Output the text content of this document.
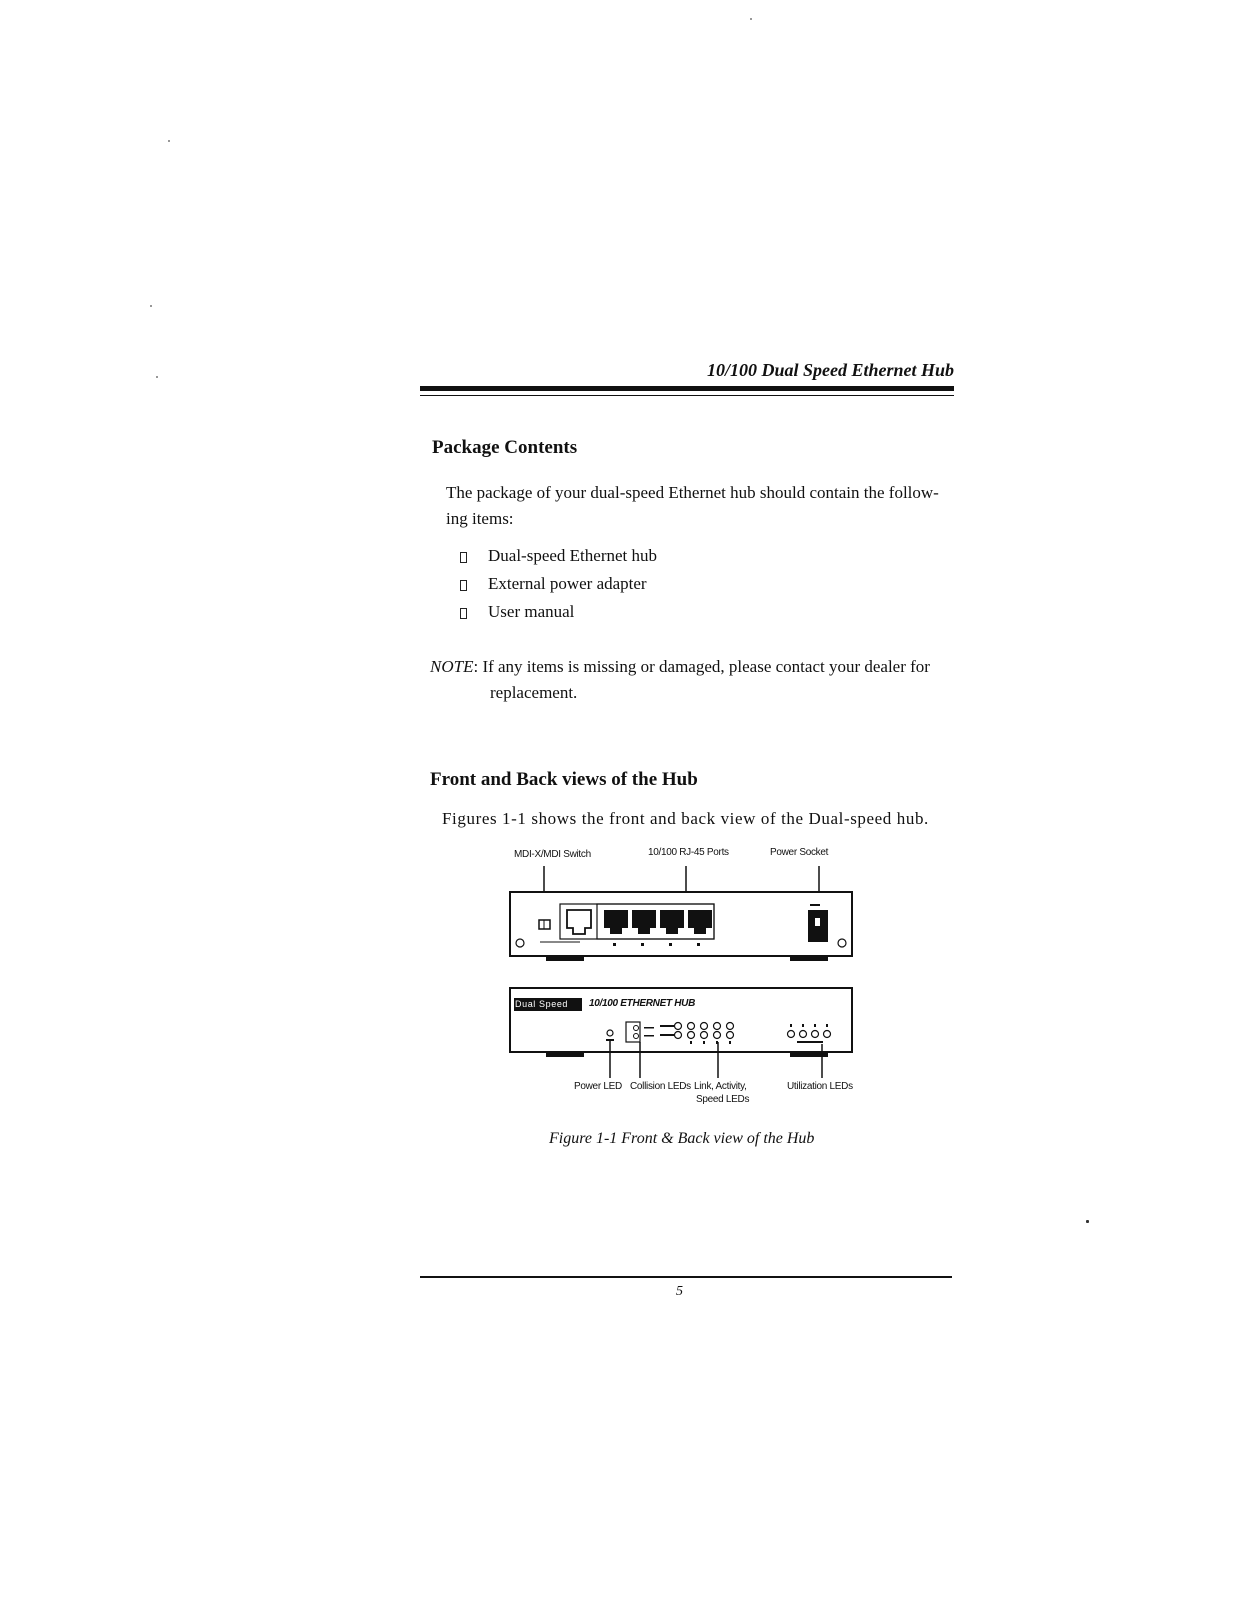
10/100 Dual Speed Ethernet Hub
Package Contents
The package of your dual-speed Ethernet hub should contain the follow-
ing items:
Dual-speed Ethernet hub
External power adapter
User manual
NOTE: If any items is missing or damaged, please contact your dealer for
replacement.
Front and Back views of the Hub
Figures 1-1 shows the front and back view of the Dual-speed hub.
MDI-X/MDI Switch	10/100 RJ-45 Ports	Power Socket
Dual Speed 10/100 ETHERNET HUB
Power LED Collision LEDs Link, Activity,
Speed LEDs
Utilization LEDs
Figure 1-1 Front & Back view of the Hub
5
